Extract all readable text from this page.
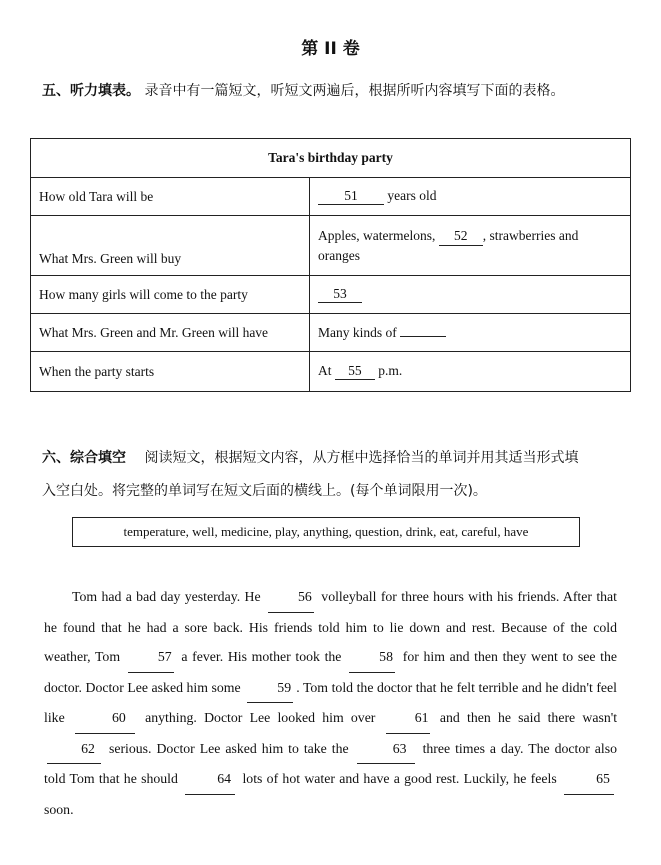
第 II 卷
五、听力填表。 录音中有一篇短文，听短文两遍后，根据所听内容填写下面的表格。
Tara's birthday party	
How old Tara will be	51 years old
What Mrs. Green will buy	Apples, watermelons, 52 , strawberries and oranges
How many girls will come to the party	53
What Mrs. Green and Mr. Green will have	Many kinds of
When the party starts	At 55 p.m.
六、综合填空 阅读短文，根据短文内容，从方框中选择恰当的单词并用其适当形式填
入空白处。将完整的单词写在短文后面的横线上。(每个单词限用一次)。
temperature, well, medicine, play, anything, question, drink, eat, careful, have
Tom had a bad day yesterday. He	56 volleyball for three hours with his friends. After that he found that he had a sore back. His friends told him to lie down and rest. Because of the cold weather, Tom	57 a fever. His mother took the	58 for him and then they went to see the doctor. Doctor Lee asked him some	59 . Tom told the doctor that he felt terrible and he didn't feel like	60 anything. Doctor Lee looked him over	61 and then he said there wasn't 62 serious. Doctor Lee asked him to take the	63 three times a day. The doctor also told Tom that he should	64 lots of hot water and have a good rest. Luckily, he feels	65 soon.
